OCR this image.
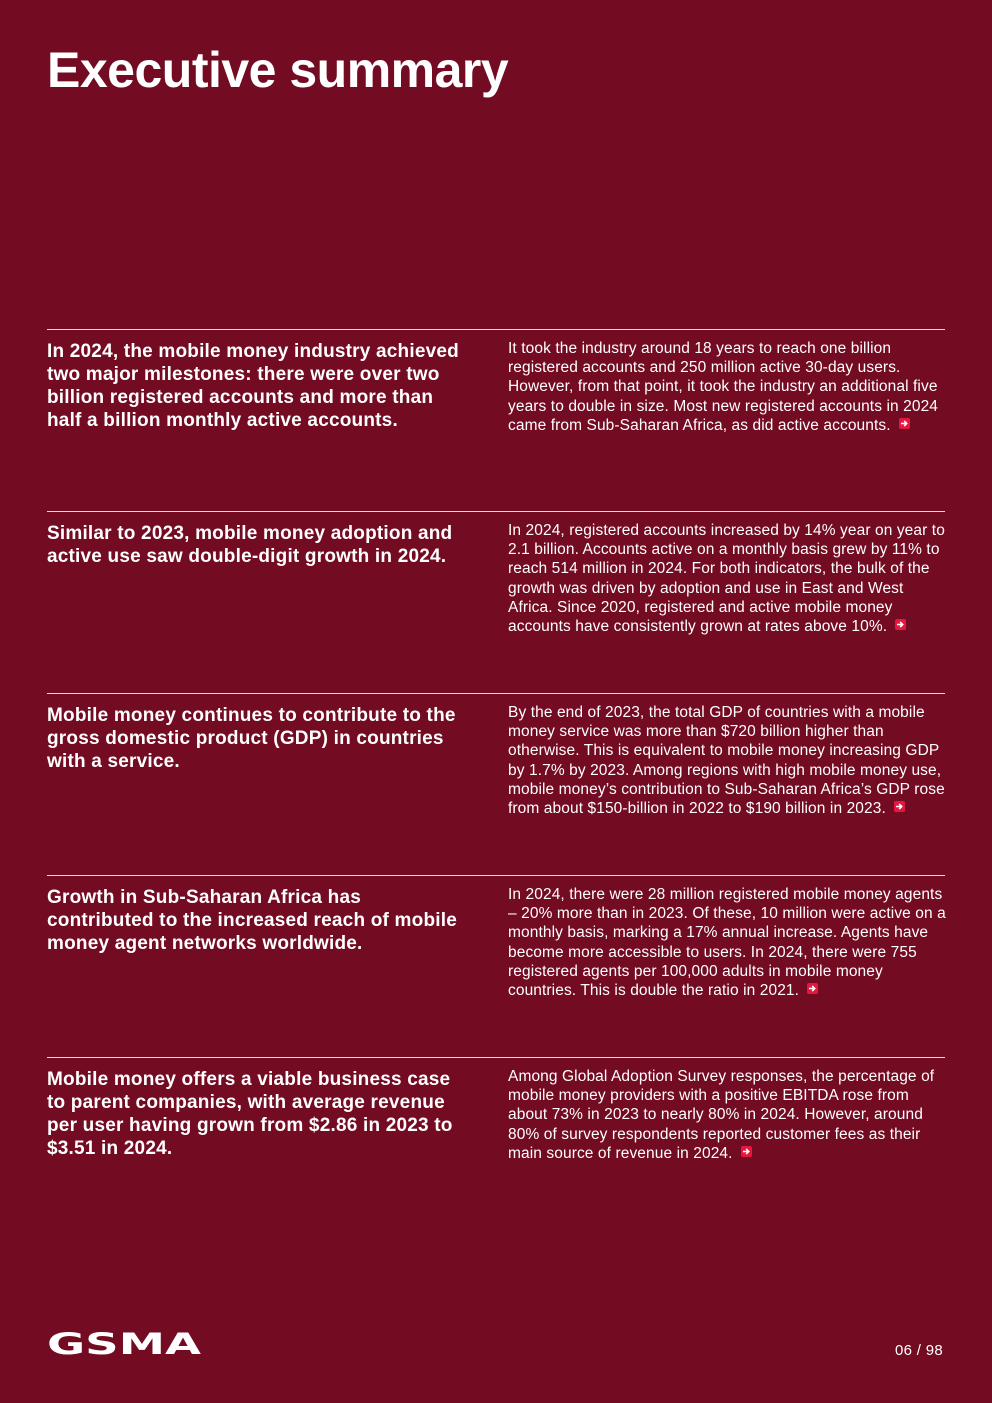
Executive summary

In 2024, the mobile money industry achieved two major milestones: there were over two billion registered accounts and more than half a billion monthly active accounts.

It took the industry around 18 years to reach one billion registered accounts and 250 million active 30-day users. However, from that point, it took the industry an additional five years to double in size. Most new registered accounts in 2024 came from Sub-Saharan Africa, as did active accounts.

Similar to 2023, mobile money adoption and active use saw double-digit growth in 2024.

In 2024, registered accounts increased by 14% year on year to 2.1 billion. Accounts active on a monthly basis grew by 11% to reach 514 million in 2024. For both indicators, the bulk of the growth was driven by adoption and use in East and West Africa. Since 2020, registered and active mobile money accounts have consistently grown at rates above 10%.

Mobile money continues to contribute to the gross domestic product (GDP) in countries with a service.

By the end of 2023, the total GDP of countries with a mobile money service was more than $720 billion higher than otherwise. This is equivalent to mobile money increasing GDP by 1.7% by 2023. Among regions with high mobile money use, mobile money’s contribution to Sub-Saharan Africa’s GDP rose from about $150-billion in 2022 to $190 billion in 2023.

Growth in Sub-Saharan Africa has contributed to the increased reach of mobile money agent networks worldwide.

In 2024, there were 28 million registered mobile money agents – 20% more than in 2023. Of these, 10 million were active on a monthly basis, marking a 17% annual increase. Agents have become more accessible to users. In 2024, there were 755 registered agents per 100,000 adults in mobile money countries. This is double the ratio in 2021.

Mobile money offers a viable business case to parent companies, with average revenue per user having grown from $2.86 in 2023 to $3.51 in 2024.

Among Global Adoption Survey responses, the percentage of mobile money providers with a positive EBITDA rose from about 73% in 2023 to nearly 80% in 2024. However, around 80% of survey respondents reported customer fees as their main source of revenue in 2024.

GSMA	06 / 98
